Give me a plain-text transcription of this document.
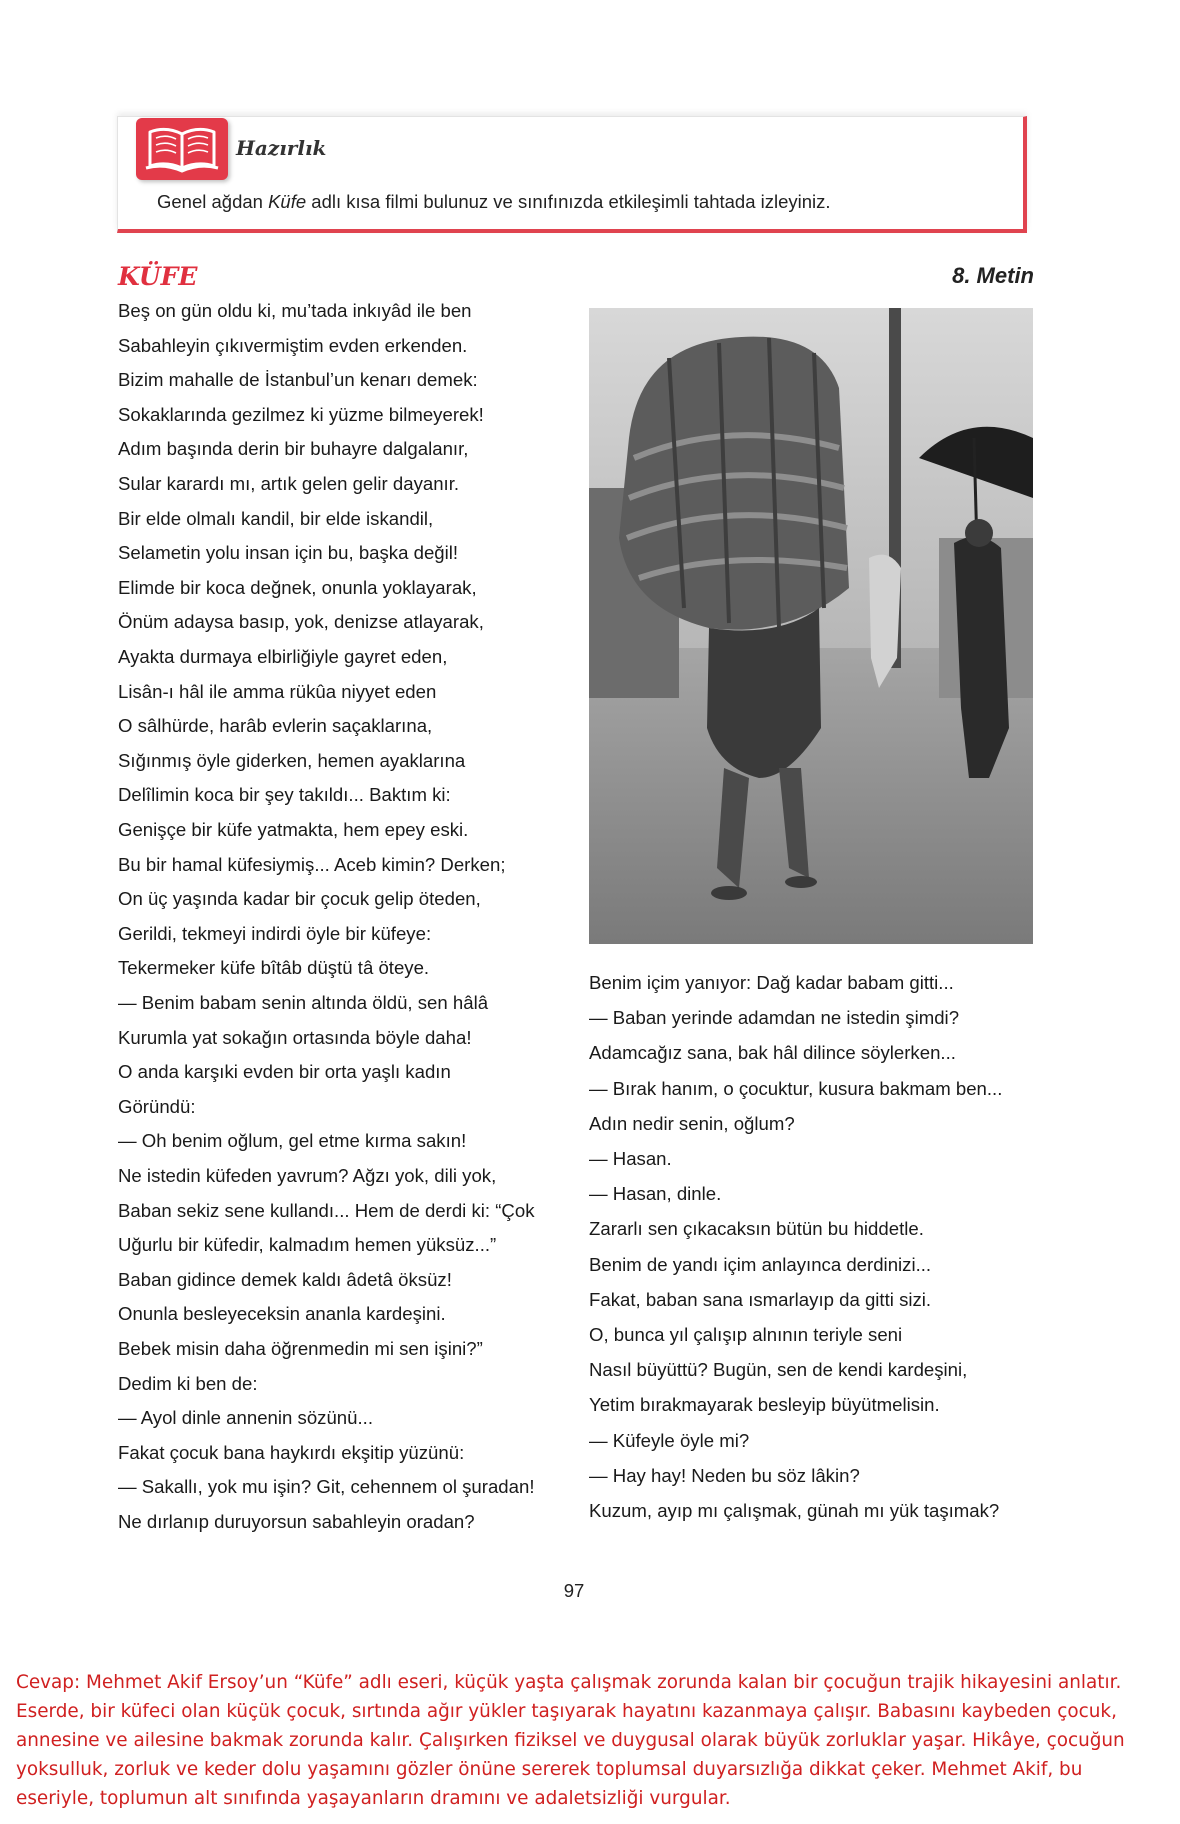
Hazırlık
Genel ağdan Küfe adlı kısa filmi bulunuz ve sınıfınızda etkileşimli tahtada izleyiniz.
KÜFE	8. Metin
Beş on gün oldu ki, mu’tada inkıyâd ile ben
Sabahleyin çıkıvermiştim evden erkenden.
Bizim mahalle de İstanbul’un kenarı demek:
Sokaklarında gezilmez ki yüzme bilmeyerek!
Adım başında derin bir buhayre dalgalanır,
Sular karardı mı, artık gelen gelir dayanır.
Bir elde olmalı kandil, bir elde iskandil,
Selametin yolu insan için bu, başka değil!
Elimde bir koca değnek, onunla yoklayarak,
Önüm adaysa basıp, yok, denizse atlayarak,
Ayakta durmaya elbirliğiyle gayret eden,
Lisân-ı hâl ile amma rükûa niyyet eden
O sâlhürde, harâb evlerin saçaklarına,
Sığınmış öyle giderken, hemen ayaklarına
Delîlimin koca bir şey takıldı... Baktım ki:
Genişçe bir küfe yatmakta, hem epey eski.
Bu bir hamal küfesiymiş... Aceb kimin? Derken;
On üç yaşında kadar bir çocuk gelip öteden,
Gerildi, tekmeyi indirdi öyle bir küfeye:
Tekermeker küfe bîtâb düştü tâ öteye.
— Benim babam senin altında öldü, sen hâlâ
Kurumla yat sokağın ortasında böyle daha!
O anda karşıki evden bir orta yaşlı kadın
Göründü:
— Oh benim oğlum, gel etme kırma sakın!
Ne istedin küfeden yavrum? Ağzı yok, dili yok,
Baban sekiz sene kullandı... Hem de derdi ki: “Çok
Uğurlu bir küfedir, kalmadım hemen yüksüz...”
Baban gidince demek kaldı âdetâ öksüz!
Onunla besleyeceksin ananla kardeşini.
Bebek misin daha öğrenmedin mi sen işini?”
Dedim ki ben de:
— Ayol dinle annenin sözünü...
Fakat çocuk bana haykırdı ekşitip yüzünü:
— Sakallı, yok mu işin? Git, cehennem ol şuradan!
Ne dırlanıp duruyorsun sabahleyin oradan?
Benim içim yanıyor: Dağ kadar babam gitti...
— Baban yerinde adamdan ne istedin şimdi?
Adamcağız sana, bak hâl dilince söylerken...
— Bırak hanım, o çocuktur, kusura bakmam ben...
Adın nedir senin, oğlum?
— Hasan.
— Hasan, dinle.
Zararlı sen çıkacaksın bütün bu hiddetle.
Benim de yandı içim anlayınca derdinizi...
Fakat, baban sana ısmarlayıp da gitti sizi.
O, bunca yıl çalışıp alnının teriyle seni
Nasıl büyüttü? Bugün, sen de kendi kardeşini,
Yetim bırakmayarak besleyip büyütmelisin.
— Küfeyle öyle mi?
— Hay hay! Neden bu söz lâkin?
Kuzum, ayıp mı çalışmak, günah mı yük taşımak?
97
Cevap: Mehmet Akif Ersoy’un “Küfe” adlı eseri, küçük yaşta çalışmak zorunda kalan bir çocuğun trajik hikayesini anlatır. Eserde, bir küfeci olan küçük çocuk, sırtında ağır yükler taşıyarak hayatını kazanmaya çalışır. Babasını kaybeden çocuk, annesine ve ailesine bakmak zorunda kalır. Çalışırken fiziksel ve duygusal olarak büyük zorluklar yaşar. Hikâye, çocuğun yoksulluk, zorluk ve keder dolu yaşamını gözler önüne sererek toplumsal duyarsızlığa dikkat çeker. Mehmet Akif, bu eseriyle, toplumun alt sınıfında yaşayanların dramını ve adaletsizliği vurgular.
